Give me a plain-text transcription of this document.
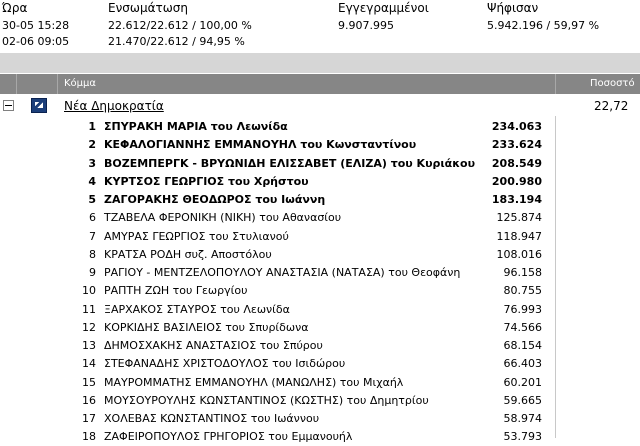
Ώρα	Ενσωμάτωση	Εγγεγραμμένοι	Ψήφισαν
30-05 15:28	22.612/22.612 / 100,00 %	9.907.995	5.942.196 / 59,97 %
02-06 09:05	21.470/22.612 / 94,95 %
Κόμμα	Ποσοστό
Νέα Δημοκρατία	22,72
1 ΣΠΥΡΑΚΗ ΜΑΡΙΑ του Λεωνίδα	234.063
2 ΚΕΦΑΛΟΓΙΑΝΝΗΣ ΕΜΜΑΝΟΥΗΛ του Κωνσταντίνου	233.624
3 ΒΟΖΕΜΠΕΡΓΚ - ΒΡΥΩΝΙΔΗ ΕΛΙΣΣΑΒΕΤ (ΕΛΙΖΑ) του Κυριάκου	208.549
4 ΚΥΡΤΣΟΣ ΓΕΩΡΓΙΟΣ του Χρήστου	200.980
5 ΖΑΓΟΡΑΚΗΣ ΘΕΟΔΩΡΟΣ του Ιωάννη	183.194
6 ΤΖΑΒΕΛΑ ΦΕΡΟΝΙΚΗ (ΝΙΚΗ) του Αθανασίου	125.874
7 ΑΜΥΡΑΣ ΓΕΩΡΓΙΟΣ του Στυλιανού	118.947
8 ΚΡΑΤΣΑ ΡΟΔΗ συζ. Αποστόλου	108.016
9 ΡΑΓΙΟΥ - ΜΕΝΤΖΕΛΟΠΟΥΛΟΥ ΑΝΑΣΤΑΣΙΑ (ΝΑΤΑΣΑ) του Θεοφάνη	96.158
10 ΡΑΠΤΗ ΖΩΗ του Γεωργίου	80.755
11 ΞΑΡΧΑΚΟΣ ΣΤΑΥΡΟΣ του Λεωνίδα	76.993
12 ΚΟΡΚΙΔΗΣ ΒΑΣΙΛΕΙΟΣ του Σπυρίδωνα	74.566
13 ΔΗΜΟΣΧΑΚΗΣ ΑΝΑΣΤΑΣΙΟΣ του Σπύρου	68.154
14 ΣΤΕΦΑΝΑΔΗΣ ΧΡΙΣΤΟΔΟΥΛΟΣ του Ισιδώρου	66.403
15 ΜΑΥΡΟΜΜΑΤΗΣ ΕΜΜΑΝΟΥΗΛ (ΜΑΝΩΛΗΣ) του Μιχαήλ	60.201
16 ΜΟΥΣΟΥΡΟΥΛΗΣ ΚΩΝΣΤΑΝΤΙΝΟΣ (ΚΩΣΤΗΣ) του Δημητρίου	59.665
17 ΧΟΛΕΒΑΣ ΚΩΝΣΤΑΝΤΙΝΟΣ του Ιωάννου	58.974
18 ΖΑΦΕΙΡΟΠΟΥΛΟΣ ΓΡΗΓΟΡΙΟΣ του Εμμανουήλ	53.793
